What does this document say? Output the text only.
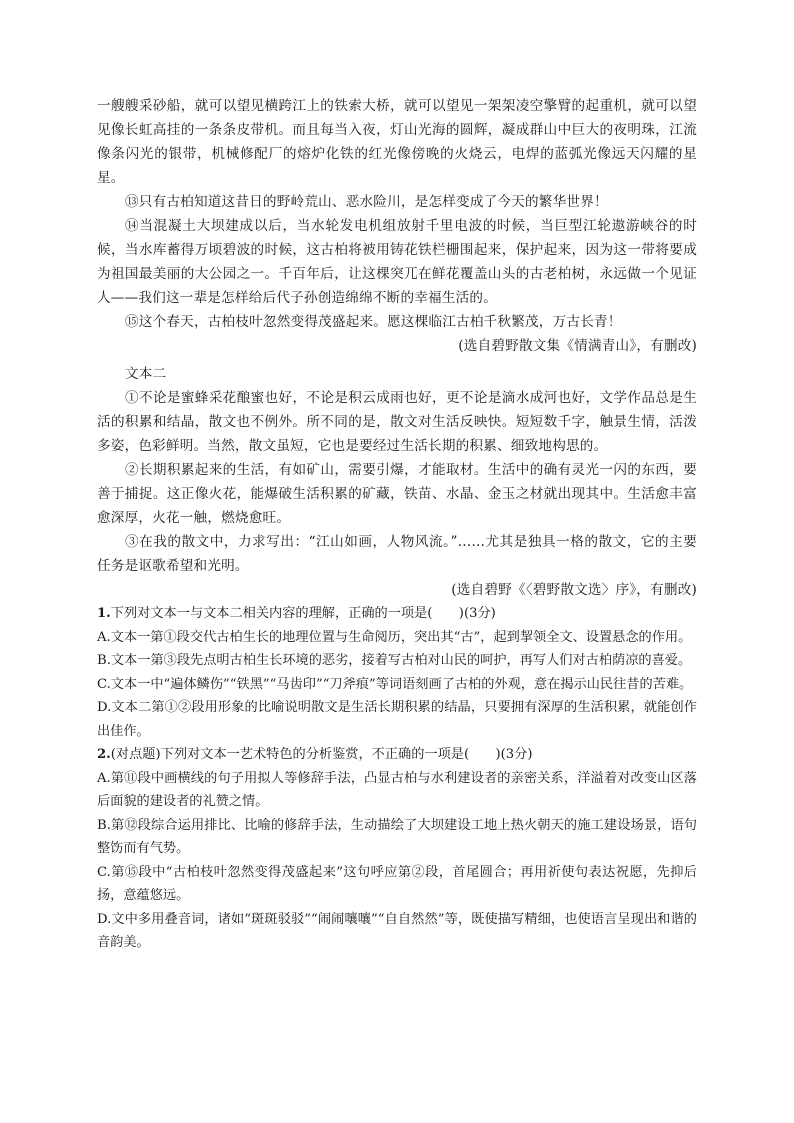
一艘艘采砂船，就可以望见横跨江上的铁索大桥，就可以望见一架架凌空擎臂的起重机，就可以望见像长虹高挂的一条条皮带机。而且每当入夜，灯山光海的圆辉，凝成群山中巨大的夜明珠，江流像条闪光的银带，机械修配厂的熔炉化铁的红光像傍晚的火烧云，电焊的蓝弧光像远天闪耀的星星。

⑬只有古柏知道这昔日的野岭荒山、恶水险川，是怎样变成了今天的繁华世界！

⑭当混凝土大坝建成以后，当水轮发电机组放射千里电波的时候，当巨型江轮遨游峡谷的时候，当水库蓄得万顷碧波的时候，这古柏将被用铸花铁栏栅围起来，保护起来，因为这一带将要成为祖国最美丽的大公园之一。千百年后，让这棵突兀在鲜花覆盖山头的古老柏树，永远做一个见证人——我们这一辈是怎样给后代子孙创造绵绵不断的幸福生活的。

⑮这个春天，古柏枝叶忽然变得茂盛起来。愿这棵临江古柏千秋繁茂，万古长青！

(选自碧野散文集《情满青山》，有删改)

文本二

①不论是蜜蜂采花酿蜜也好，不论是积云成雨也好，更不论是滴水成河也好，文学作品总是生活的积累和结晶，散文也不例外。所不同的是，散文对生活反映快。短短数千字，触景生情，活泼多姿，色彩鲜明。当然，散文虽短，它也是要经过生活长期的积累、细致地构思的。

②长期积累起来的生活，有如矿山，需要引爆，才能取材。生活中的确有灵光一闪的东西，要善于捕捉。这正像火花，能爆破生活积累的矿藏，铁苗、水晶、金玉之材就出现其中。生活愈丰富愈深厚，火花一触，燃烧愈旺。

③在我的散文中，力求写出：“江山如画，人物风流。”……尤其是独具一格的散文，它的主要任务是讴歌希望和光明。

(选自碧野《〈碧野散文选〉序》，有删改)

1.下列对文本一与文本二相关内容的理解，正确的一项是(　　)(3分)

A.文本一第①段交代古柏生长的地理位置与生命阅历，突出其“古”，起到挈领全文、设置悬念的作用。

B.文本一第③段先点明古柏生长环境的恶劣，接着写古柏对山民的呵护，再写人们对古柏荫凉的喜爱。

C.文本一中“遍体鳞伤”“铁黑”“马齿印”“刀斧痕”等词语刻画了古柏的外观，意在揭示山民往昔的苦难。

D.文本二第①②段用形象的比喻说明散文是生活长期积累的结晶，只要拥有深厚的生活积累，就能创作出佳作。

2.(对点题)下列对文本一艺术特色的分析鉴赏，不正确的一项是(　　)(3分)

A.第⑪段中画横线的句子用拟人等修辞手法，凸显古柏与水利建设者的亲密关系，洋溢着对改变山区落后面貌的建设者的礼赞之情。

B.第⑫段综合运用排比、比喻的修辞手法，生动描绘了大坝建设工地上热火朝天的施工建设场景，语句整饬而有气势。

C.第⑮段中“古柏枝叶忽然变得茂盛起来”这句呼应第②段，首尾圆合；再用祈使句表达祝愿，先抑后扬，意蕴悠远。

D.文中多用叠音词，诸如“斑斑驳驳”“闹闹嚷嚷”“自自然然”等，既使描写精细，也使语言呈现出和谐的音韵美。
